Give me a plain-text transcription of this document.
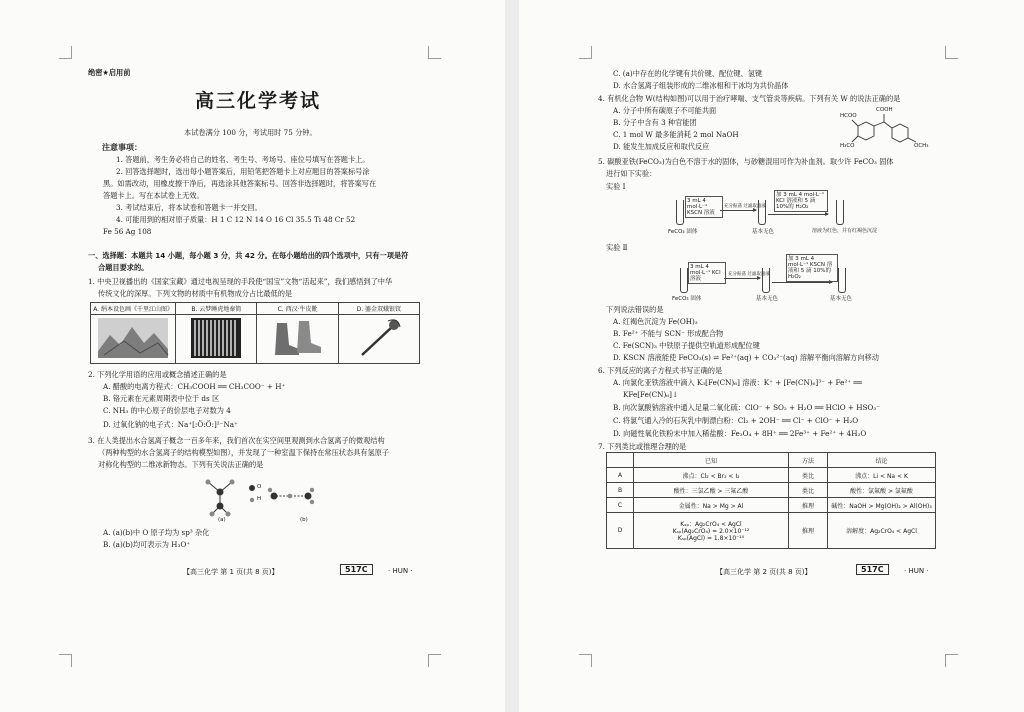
绝密★启用前
高三化学考试
本试卷满分 100 分，考试用时 75 分钟。
注意事项：
1. 答题前，考生务必将自己的姓名、考生号、考场号、座位号填写在答题卡上。
2. 回答选择题时，选出每小题答案后，用铅笔把答题卡上对应题目的答案标号涂
黑。如需改动，用橡皮擦干净后，再选涂其他答案标号。回答非选择题时，将答案写在
答题卡上。写在本试卷上无效。
3. 考试结束后，将本试卷和答题卡一并交回。
4. 可能用到的相对原子质量：H 1 C 12 N 14 O 16 Cl 35.5 Ti 48 Cr 52
Fe 56 Ag 108
一、选择题：本题共 14 小题，每小题 3 分，共 42 分。在每小题给出的四个选项中，只有一项是符
合题目要求的。
1. 中央卫视播出的《国家宝藏》通过电视呈现的手段使“国宝”文物“活起来”，我们感悟到了中华
传统文化的深厚。下列文物的材质中有机物成分占比最低的是
A. 绢本设色画《千里江山图》	B. 云梦睡虎地秦简	C. 西汉·牛皮靴	D. 鎏金双蛾银钗

2. 下列化学用语的应用或概念描述正确的是
A. 醋酸的电离方程式：CH₃COOH ══ CH₃COO⁻ + H⁺
B. 铬元素在元素周期表中位于 ds 区
C. NH₃ 的中心原子的价层电子对数为 4
D. 过氧化钠的电子式：Na⁺[:Ö:Ö:]²⁻Na⁺
3. 在人类提出水合氢离子概念一百多年来，我们首次在实空间里观测到水合氢离子的微观结构
（两种构型的水合氢离子的结构模型如图），并发现了一种室温下保持在常压状态具有氢原子
对称化构型的二维冰新物态。下列有关说法正确的是
O
H
(a)	(b)
A. (a)(b)中 O 原子均为 sp³ 杂化
B. (a)(b)均可表示为 H₃O⁺
【高三化学 第 1 页(共 8 页)】	517C	· HUN ·
C. (a)中存在的化学键有共价键、配位键、氢键
D. 水合氢离子组装形成的二维冰相和干冰均为共价晶体
4. 有机化合物 W(结构如图)可以用于治疗哮喘、支气管炎等疾病。下列有关 W 的说法正确的是
A. 分子中所有碳原子不可能共面
B. 分子中含有 3 种官能团
C. 1 mol W 最多能消耗 2 mol NaOH
D. 能发生加成反应和取代反应
COOH
HCOO
H₃CO	OCH₃
5. 碳酸亚铁(FeCO₃)为白色不溶于水的固体，与砂糖混用可作为补血剂。取少许 FeCO₃ 固体
进行如下实验：
实验 Ⅰ
3 mL 4 mol·L⁻¹ KSCN 溶液
充分振荡 过滤取滤液
加 3 mL 4 mol·L⁻¹ KCl 溶液和 5 滴 10%的 H₂O₂
FeCO₃ 固体	基本无色	溶液为红色，并有红褐色沉淀
实验 Ⅱ
3 mL 4 mol·L⁻¹ KCl 溶液
充分振荡 过滤取滤液
加 3 mL 4 mol·L⁻¹ KSCN 溶液和 5 滴 10%的 H₂O₂
FeCO₃ 固体	基本无色	基本无色
下列说法错误的是
A. 红褐色沉淀为 Fe(OH)₃
B. Fe²⁺ 不能与 SCN⁻ 形成配合物
C. Fe(SCN)₃ 中铁原子提供空轨道形成配位键
D. KSCN 溶液能使 FeCO₃(s) ⇌ Fe²⁺(aq) + CO₃²⁻(aq) 溶解平衡向溶解方向移动
6. 下列反应的离子方程式书写正确的是
A. 向氯化亚铁溶液中滴入 K₃[Fe(CN)₆] 溶液：K⁺ + [Fe(CN)₆]³⁻ + Fe²⁺ ══
KFe[Fe(CN)₆]↓
B. 向次氯酸钠溶液中通入足量二氧化硫：ClO⁻ + SO₂ + H₂O ══ HClO + HSO₃⁻
C. 将氯气通入冷的石灰乳中制漂白粉：Cl₂ + 2OH⁻ ══ Cl⁻ + ClO⁻ + H₂O
D. 向磁性氧化铁粉末中加入稀盐酸：Fe₃O₄ + 8H⁺ ══ 2Fe³⁺ + Fe²⁺ + 4H₂O
7. 下列类比或推理合理的是
	已知	方法	结论
A	沸点：Cl₂ < Br₂ < I₂	类比	沸点：Li < Na < K
B	酸性：三氯乙酸 > 三氟乙酸	类比	酸性：氯氟酸 > 氯氟酸
C	金属性：Na > Mg > Al	推理	碱性：NaOH > Mg(OH)₂ > Al(OH)₃
D	Kₛₚ：Ag₂CrO₄ < AgCl
Kₛₚ(Ag₂CrO₄) = 2.0×10⁻¹²
Kₛₚ(AgCl) = 1.8×10⁻¹⁰	推理	溶解度：Ag₂CrO₄ < AgCl
【高三化学 第 2 页(共 8 页)】	517C	· HUN ·
